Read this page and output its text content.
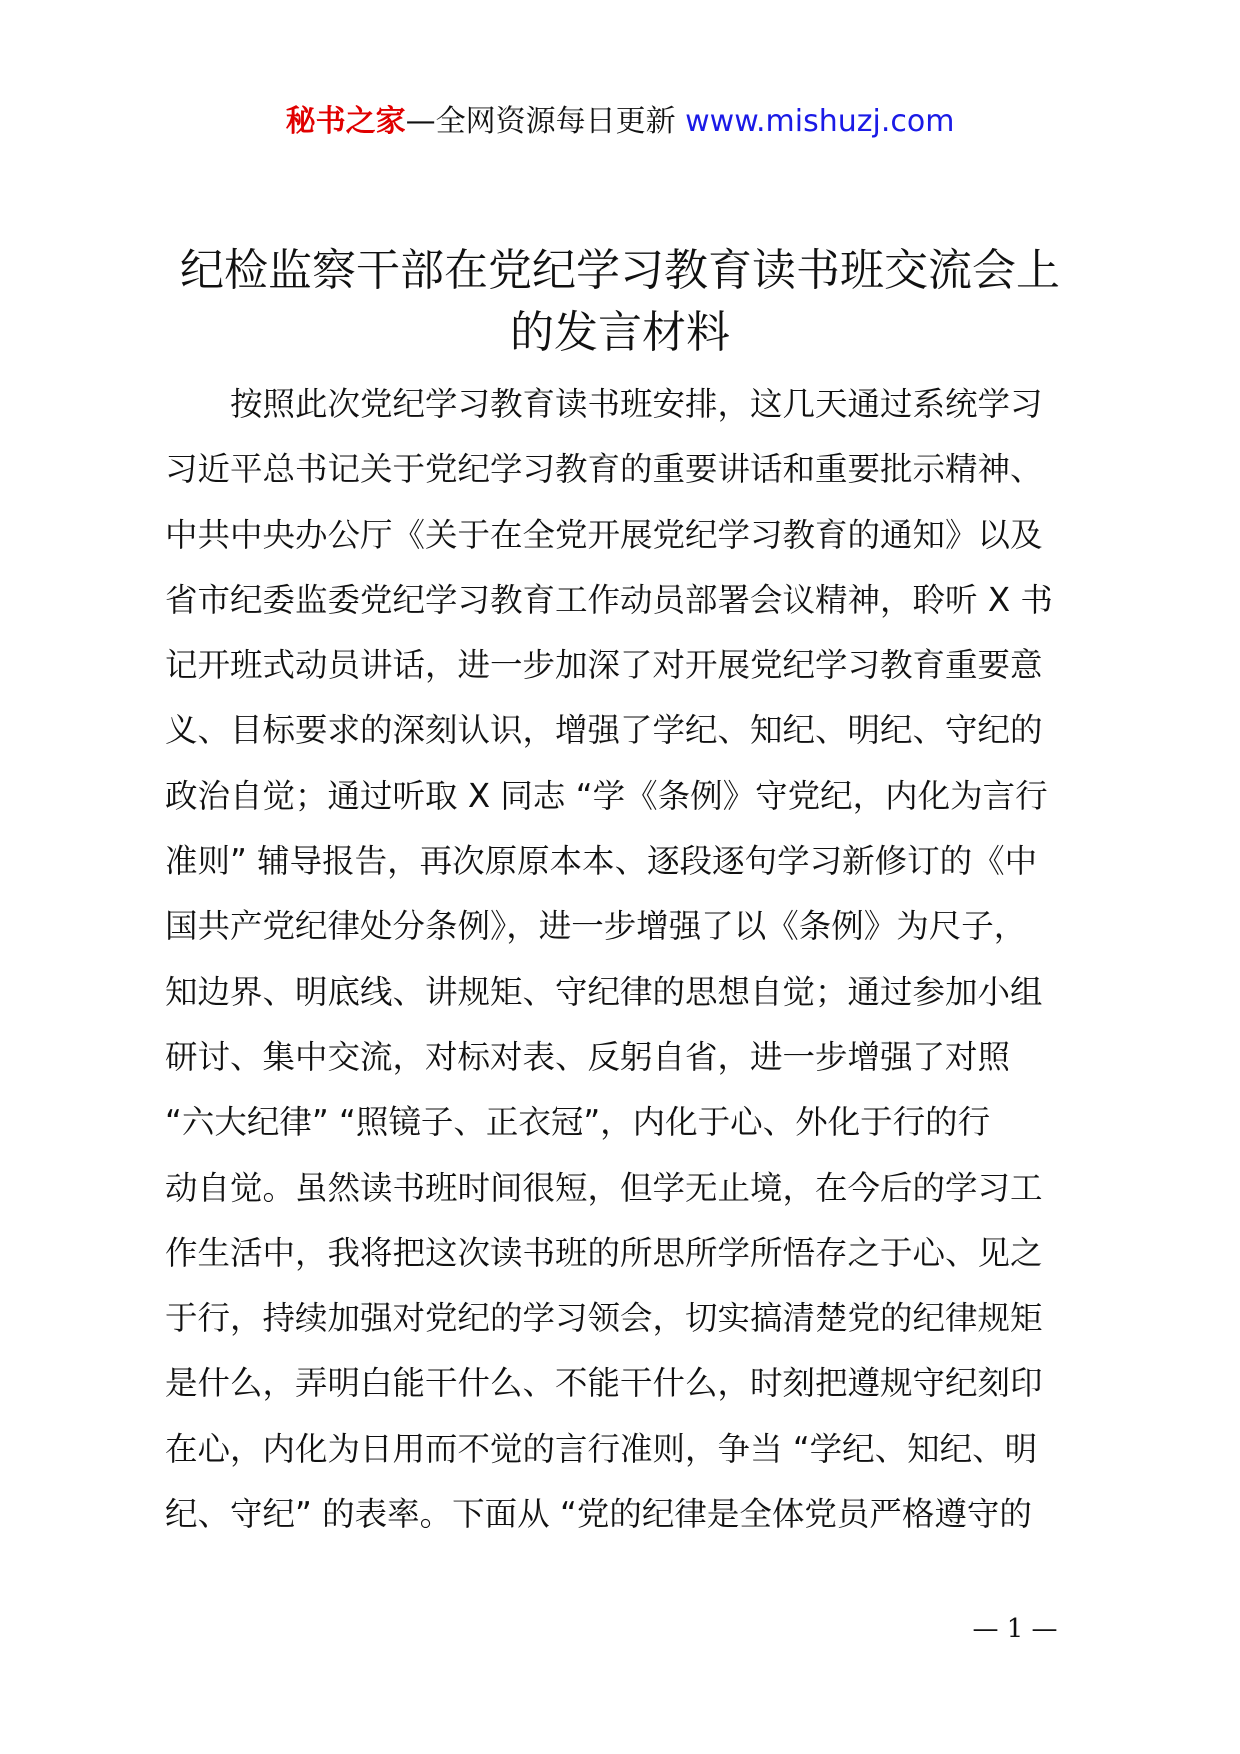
秘书之家—全网资源每日更新 www.mishuzj.com
纪检监察干部在党纪学习教育读书班交流会上
的发言材料

按照此次党纪学习教育读书班安排，这几天通过系统学习
习近平总书记关于党纪学习教育的重要讲话和重要批示精神、
中共中央办公厅《关于在全党开展党纪学习教育的通知》以及
省市纪委监委党纪学习教育工作动员部署会议精神，聆听 X 书
记开班式动员讲话，进一步加深了对开展党纪学习教育重要意
义、目标要求的深刻认识，增强了学纪、知纪、明纪、守纪的
政治自觉；通过听取 X 同志 “学《条例》守党纪，内化为言行
准则” 辅导报告，再次原原本本、逐段逐句学习新修订的《中
国共产党纪律处分条例》，进一步增强了以《条例》为尺子，
知边界、明底线、讲规矩、守纪律的思想自觉；通过参加小组
研讨、集中交流，对标对表、反躬自省，进一步增强了对照
“六大纪律” “照镜子、正衣冠”，内化于心、外化于行的行
动自觉。虽然读书班时间很短，但学无止境，在今后的学习工
作生活中，我将把这次读书班的所思所学所悟存之于心、见之
于行，持续加强对党纪的学习领会，切实搞清楚党的纪律规矩
是什么，弄明白能干什么、不能干什么，时刻把遵规守纪刻印
在心，内化为日用而不觉的言行准则，争当 “学纪、知纪、明
纪、守纪” 的表率。下面从 “党的纪律是全体党员严格遵守的

— 1 —
